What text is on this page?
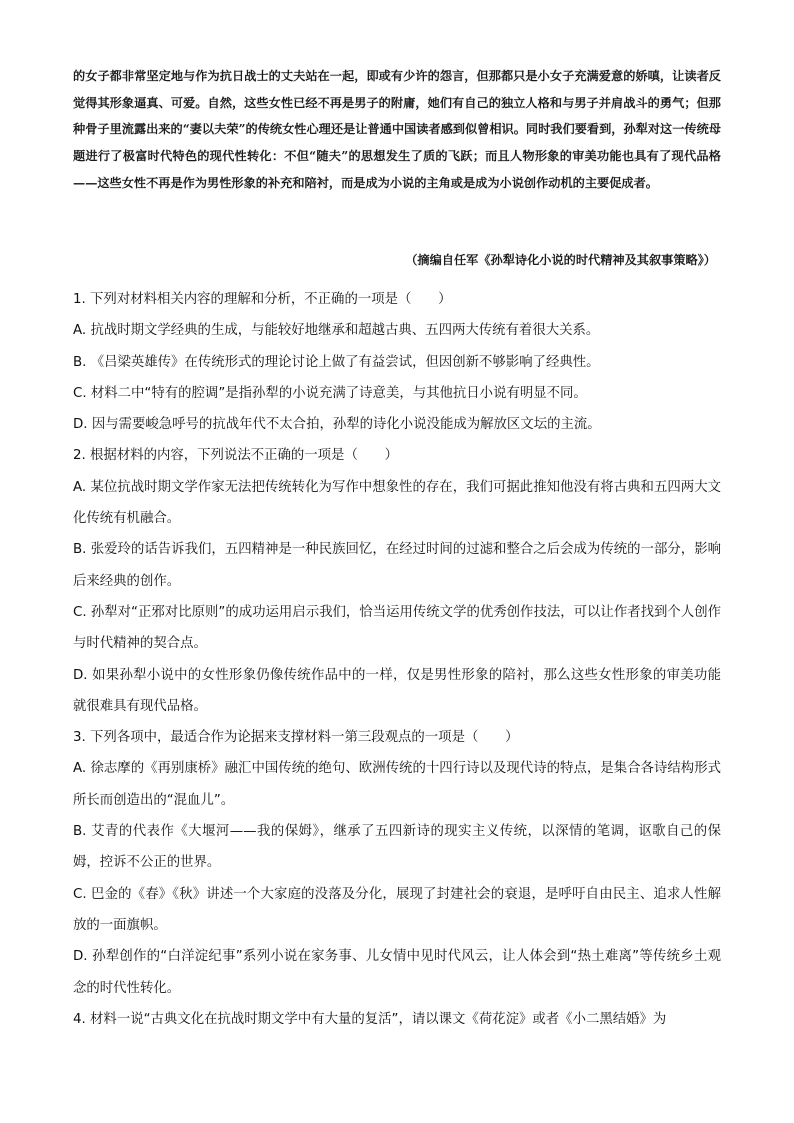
的女子都非常坚定地与作为抗日战士的丈夫站在一起，即或有少许的怨言，但那都只是小女子充满爱意的娇嗔，让读者反觉得其形象逼真、可爱。自然，这些女性已经不再是男子的附庸，她们有自己的独立人格和与男子并肩战斗的勇气；但那种骨子里流露出来的“妻以夫荣”的传统女性心理还是让普通中国读者感到似曾相识。同时我们要看到，孙犁对这一传统母题进行了极富时代特色的现代性转化：不但“随夫”的思想发生了质的飞跃；而且人物形象的审美功能也具有了现代品格——这些女性不再是作为男性形象的补充和陪衬，而是成为小说的主角或是成为小说创作动机的主要促成者。

（摘编自任军《孙犁诗化小说的时代精神及其叙事策略》）

1. 下列对材料相关内容的理解和分析，不正确的一项是（　　）

A. 抗战时期文学经典的生成，与能较好地继承和超越古典、五四两大传统有着很大关系。

B. 《吕梁英雄传》在传统形式的理论讨论上做了有益尝试，但因创新不够影响了经典性。

C. 材料二中“特有的腔调”是指孙犁的小说充满了诗意美，与其他抗日小说有明显不同。

D. 因与需要峻急呼号的抗战年代不太合拍，孙犁的诗化小说没能成为解放区文坛的主流。

2. 根据材料的内容，下列说法不正确的一项是（　　）

A. 某位抗战时期文学作家无法把传统转化为写作中想象性的存在，我们可据此推知他没有将古典和五四两大文化传统有机融合。

B. 张爱玲的话告诉我们，五四精神是一种民族回忆，在经过时间的过滤和整合之后会成为传统的一部分，影响后来经典的创作。

C. 孙犁对“正邪对比原则”的成功运用启示我们，恰当运用传统文学的优秀创作技法，可以让作者找到个人创作与时代精神的契合点。

D. 如果孙犁小说中的女性形象仍像传统作品中的一样，仅是男性形象的陪衬，那么这些女性形象的审美功能就很难具有现代品格。

3. 下列各项中，最适合作为论据来支撑材料一第三段观点的一项是（　　）

A. 徐志摩的《再别康桥》融汇中国传统的绝句、欧洲传统的十四行诗以及现代诗的特点，是集合各诗结构形式所长而创造出的“混血儿”。

B. 艾青的代表作《大堰河——我的保姆》，继承了五四新诗的现实主义传统，以深情的笔调，讴歌自己的保姆，控诉不公正的世界。

C. 巴金的《春》《秋》讲述一个大家庭的没落及分化，展现了封建社会的衰退，是呼吁自由民主、追求人性解放的一面旗帜。

D. 孙犁创作的“白洋淀纪事”系列小说在家务事、儿女情中见时代风云，让人体会到“热土难离”等传统乡土观念的时代性转化。

4. 材料一说“古典文化在抗战时期文学中有大量的复活”，请以课文《荷花淀》或者《小二黑结婚》为
